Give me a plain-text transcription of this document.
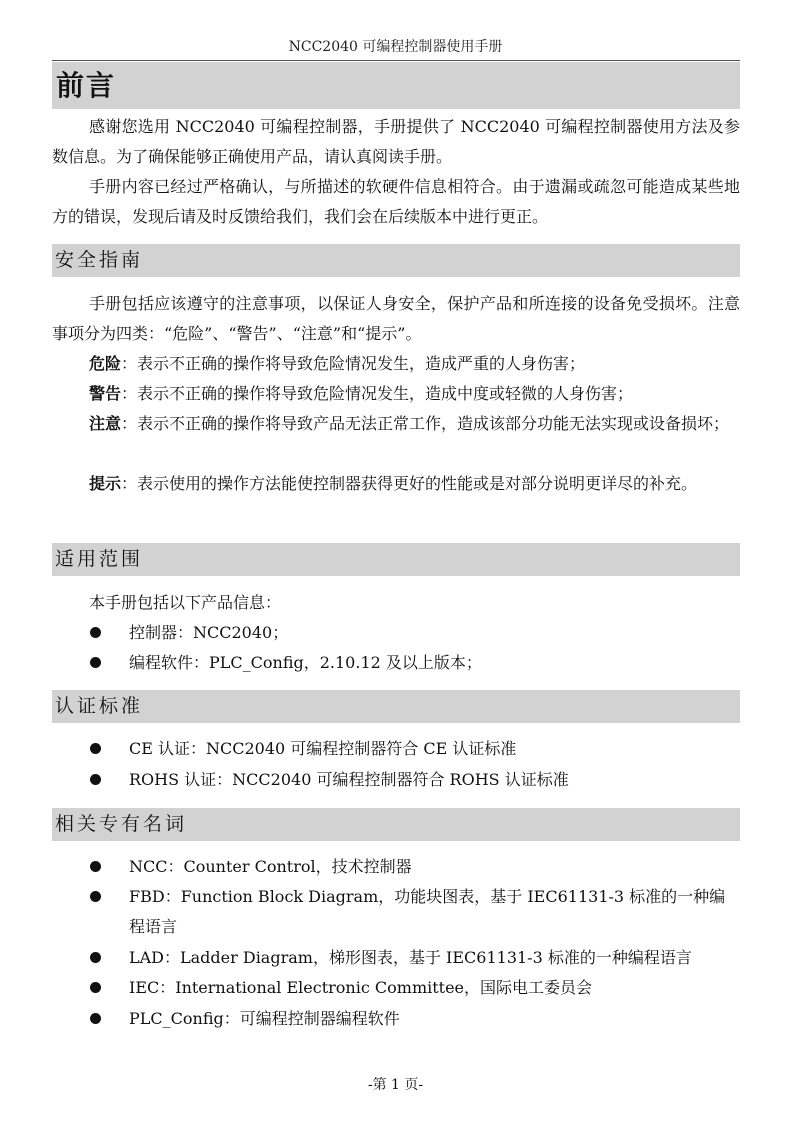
NCC2040 可编程控制器使用手册
前言

感谢您选用 NCC2040 可编程控制器，手册提供了 NCC2040 可编程控制器使用方法及参数信息。为了确保能够正确使用产品，请认真阅读手册。

手册内容已经过严格确认，与所描述的软硬件信息相符合。由于遗漏或疏忽可能造成某些地方的错误，发现后请及时反馈给我们，我们会在后续版本中进行更正。

安全指南

手册包括应该遵守的注意事项，以保证人身安全，保护产品和所连接的设备免受损坏。注意事项分为四类：“危险”、“警告”、“注意”和“提示”。

危险：表示不正确的操作将导致危险情况发生，造成严重的人身伤害；

警告：表示不正确的操作将导致危险情况发生，造成中度或轻微的人身伤害；

注意：表示不正确的操作将导致产品无法正常工作，造成该部分功能无法实现或设备损坏；

提示：表示使用的操作方法能使控制器获得更好的性能或是对部分说明更详尽的补充。

适用范围

本手册包括以下产品信息：

控制器：NCC2040；
编程软件：PLC_Config，2.10.12 及以上版本；
认证标准
CE 认证：NCC2040 可编程控制器符合 CE 认证标准
ROHS 认证：NCC2040 可编程控制器符合 ROHS 认证标准
相关专有名词
NCC：Counter Control，技术控制器
FBD：Function Block Diagram，功能块图表，基于 IEC61131-3 标准的一种编程语言
LAD：Ladder Diagram，梯形图表，基于 IEC61131-3 标准的一种编程语言
IEC：International Electronic Committee，国际电工委员会
PLC_Config：可编程控制器编程软件
-第 1 页-
